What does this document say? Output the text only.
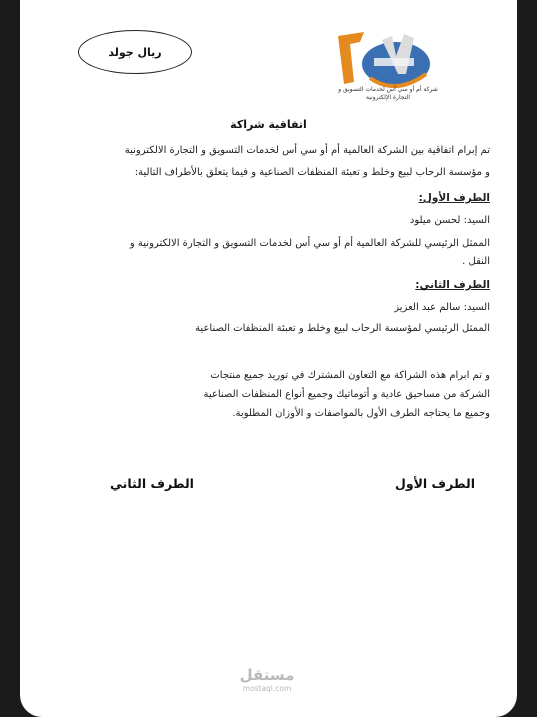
ريال جولد
شركة أم أو سي أس لخدمات التسويق و التجارة الإلكترونية
اتفاقية شراكة
تم إبرام اتفاقية بين الشركة العالمية أم أو سي أس لخدمات التسويق و التجارة الالكترونية
و مؤسسة الرحاب لبيع وخلط و تعبئة المنظفات الصناعية و فيما يتعلق بالأطراف التالية:
الطرف الأول:
السيد: لحسن ميلود
الممثل الرئيسي للشركة العالمية أم أو سي أس لخدمات التسويق و التجارة الالكترونية و
النقل .
الطرف الثاني:
السيد: سالم عبد العزيز
الممثل الرئيسي لمؤسسة الرحاب لبيع وخلط و تعبئة المنظفات الصناعية
و تم ابرام هذه الشراكة مع التعاون المشترك في توريد جميع منتجات
الشركة من مساحيق عادية و أتوماتيك وجميع أنواع المنظفات الصناعية
وجميع ما يحتاجه الطرف الأول بالمواصفات و الأوزان المطلوبة.
الطرف الأول
الطرف الثاني
مستقل
mostaql.com
